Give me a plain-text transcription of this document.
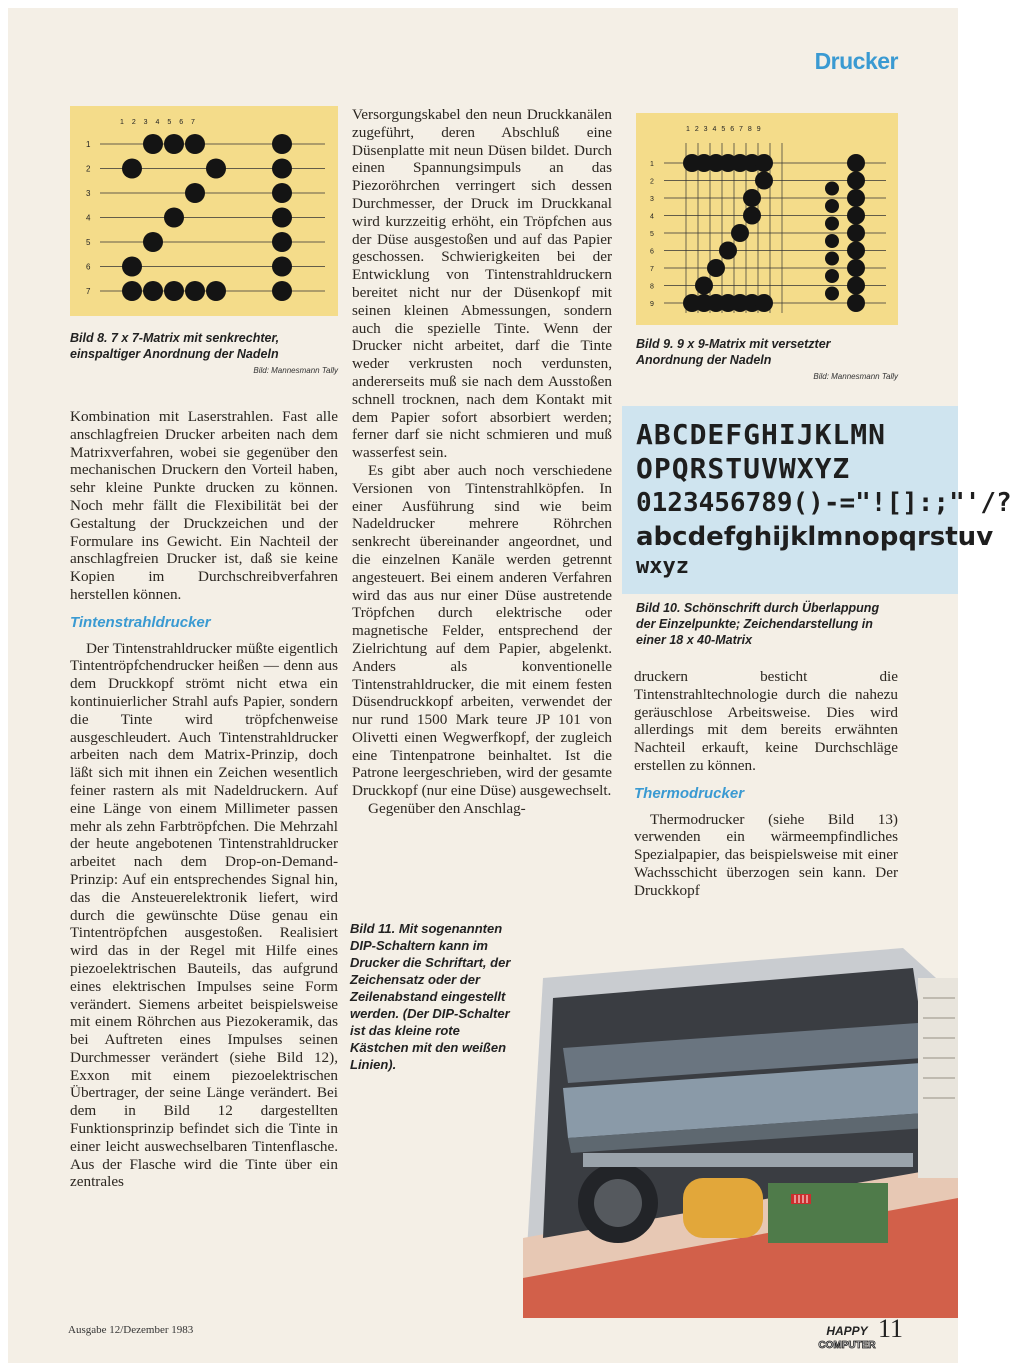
Drucker
1 2 3 4 5 6 7
1
2
3
4
5
6
7
Bild 8. 7 x 7-Matrix mit senkrechter, einspaltiger Anordnung der Nadeln
Bild: Mannesmann Tally
1 2 3 4 5 6 7 8 9
1
2
3
4
5
6
7
8
9
Bild 9. 9 x 9-Matrix mit versetzter Anordnung der Nadeln
Bild: Mannesmann Tally
ABCDEFGHIJKLMN
OPQRSTUVWXYZ
0123456789()-="![]:;"'/?
abcdefghijklmnopqrstuv
wxyz
Bild 10. Schönschrift durch Überlappung der Einzelpunkte; Zeichendarstellung in einer 18 x 40-Matrix

Kombination mit Laserstrahlen. Fast alle anschlagfreien Drucker arbeiten nach dem Matrixverfahren, wobei sie gegenüber den mechanischen Druckern den Vorteil haben, sehr kleine Punkte drucken zu können. Noch mehr fällt die Flexibilität bei der Gestaltung der Druckzeichen und der Formulare ins Gewicht. Ein Nachteil der anschlagfreien Drucker ist, daß sie keine Kopien im Durchschreibverfahren herstellen können.

Tintenstrahldrucker

Der Tintenstrahldrucker müßte eigentlich Tintentröpfchendrucker heißen — denn aus dem Druckkopf strömt nicht etwa ein kontinuierlicher Strahl aufs Papier, sondern die Tinte wird tröpfchenweise ausgeschleudert. Auch Tintenstrahldrucker arbeiten nach dem Matrix-Prinzip, doch läßt sich mit ihnen ein Zeichen wesentlich feiner rastern als mit Nadeldruckern. Auf eine Länge von einem Millimeter passen mehr als zehn Farbtröpfchen. Die Mehrzahl der heute angebotenen Tintenstrahldrucker arbeitet nach dem Drop-on-Demand-Prinzip: Auf ein entsprechendes Signal hin, das die Ansteuerelektronik liefert, wird durch die gewünschte Düse genau ein Tintentröpfchen ausgestoßen. Realisiert wird das in der Regel mit Hilfe eines piezoelektrischen Bauteils, das aufgrund eines elektrischen Impulses seine Form verändert. Siemens arbeitet beispielsweise mit einem Röhrchen aus Piezokeramik, das bei Auftreten eines Impulses seinen Durchmesser verändert (siehe Bild 12), Exxon mit einem piezoelektrischen Übertrager, der seine Länge verändert. Bei dem in Bild 12 dargestellten Funktionsprinzip befindet sich die Tinte in einer leicht auswechselbaren Tintenflasche. Aus der Flasche wird die Tinte über ein zentrales

Versorgungskabel den neun Druckkanälen zugeführt, deren Abschluß eine Düsenplatte mit neun Düsen bildet. Durch einen Spannungsimpuls an das Piezoröhrchen verringert sich dessen Durchmesser, der Druck im Druckkanal wird kurzzeitig erhöht, ein Tröpfchen aus der Düse ausgestoßen und auf das Papier geschossen. Schwierigkeiten bei der Entwicklung von Tintenstrahldruckern bereitet nicht nur der Düsenkopf mit seinen kleinen Abmessungen, sondern auch die spezielle Tinte. Wenn der Drucker nicht arbeitet, darf die Tinte weder verkrusten noch verdunsten, andererseits muß sie nach dem Ausstoßen schnell trocknen, nach dem Kontakt mit dem Papier sofort absorbiert werden; ferner darf sie nicht schmieren und muß wasserfest sein.

Es gibt aber auch noch verschiedene Versionen von Tintenstrahlköpfen. In einer Ausführung sind wie beim Nadeldrucker mehrere Röhrchen senkrecht übereinander angeordnet, und die einzelnen Kanäle werden getrennt angesteuert. Bei einem anderen Verfahren wird das aus nur einer Düse austretende Tröpfchen durch elektrische oder magnetische Felder, entsprechend der Zielrichtung auf dem Papier, abgelenkt. Anders als konventionelle Tintenstrahldrucker, die mit einem festen Düsendruckkopf arbeiten, verwendet der nur rund 1500 Mark teure JP 101 von Olivetti einen Wegwerfkopf, der zugleich eine Tintenpatrone beinhaltet. Ist die Patrone leergeschrieben, wird der gesamte Druckkopf (nur eine Düse) ausgewechselt.

Gegenüber den Anschlag-

druckern besticht die Tintenstrahltechnologie durch die nahezu geräuschlose Arbeitsweise. Dies wird allerdings mit dem bereits erwähnten Nachteil erkauft, keine Durchschläge erstellen zu können.

Thermodrucker

Thermodrucker (siehe Bild 13) verwenden ein wärmeempfindliches Spezialpapier, das beispielsweise mit einer Wachsschicht überzogen sein kann. Der Druckkopf

Bild 11. Mit sogenannten DIP-Schaltern kann im Drucker die Schriftart, der Zeichensatz oder der Zeilenabstand eingestellt werden. (Der DIP-Schalter ist das kleine rote Kästchen mit den weißen Linien).
Ausgabe 12/Dezember 1983	HAPPY
COMPUTER
11
